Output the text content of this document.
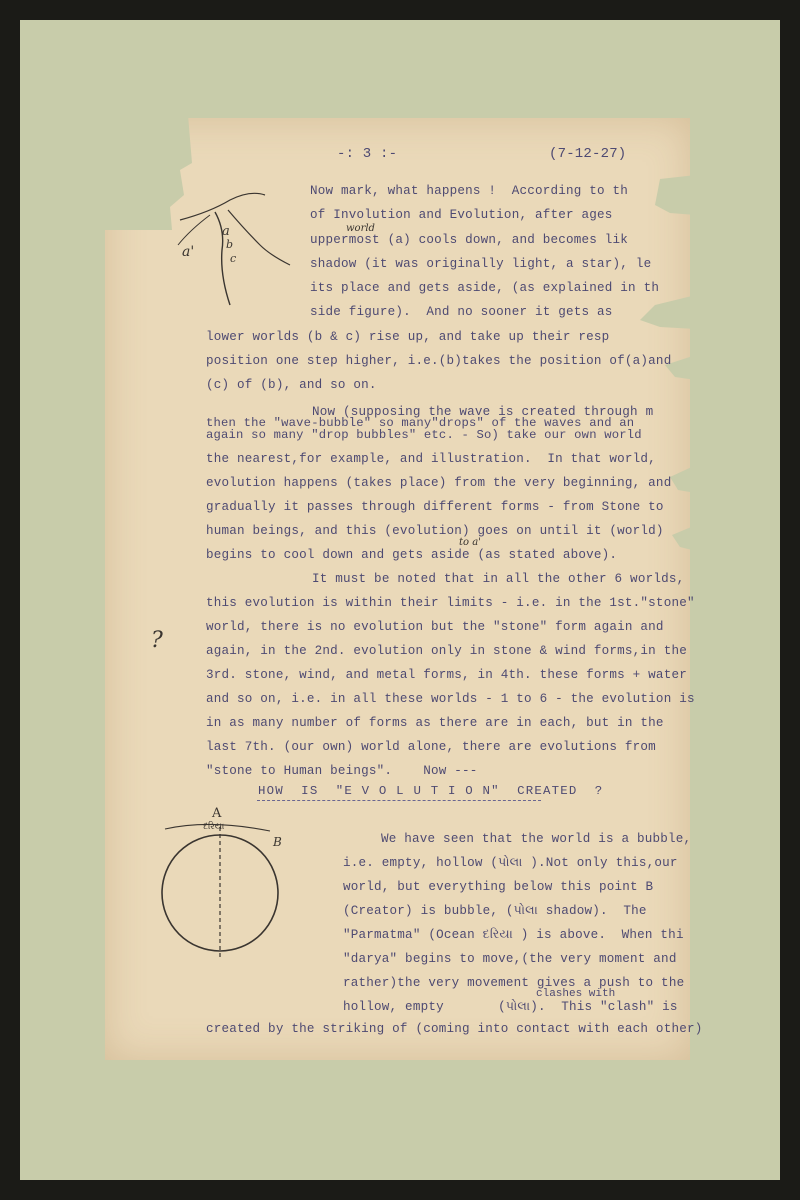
-: 3 :-	(7-12-27)
Now mark, what happens !  According to th
of Involution and Evolution, after ages
uppermost (a) cools down, and becomes lik
shadow (it was originally light, a star), le
its place and gets aside, (as explained in th
side figure).  And no sooner it gets as
lower worlds (b & c) rise up, and take up their resp
position one step higher, i.e.(b)takes the position of(a)and
(c) of (b), and so on.
Now (supposing the wave is created through m
then the "wave-bubble" so many"drops" of the waves and an
again so many "drop bubbles" etc. - So) take our own world
the nearest,for example, and illustration.  In that world,
evolution happens (takes place) from the very beginning, and
gradually it passes through different forms - from Stone to
human beings, and this (evolution) goes on until it (world)
begins to cool down and gets aside (as stated above).
It must be noted that in all the other 6 worlds,
this evolution is within their limits - i.e. in the 1st."stone"
world, there is no evolution but the "stone" form again and
again, in the 2nd. evolution only in stone & wind forms,in the
3rd. stone, wind, and metal forms, in 4th. these forms + water
and so on, i.e. in all these worlds - 1 to 6 - the evolution is
in as many number of forms as there are in each, but in the
last 7th. (our own) world alone, there are evolutions from
"stone to Human beings".    Now ---
HOW  IS  "E V O L U T I O N"  CREATED  ?
We have seen that the world is a bubble,
i.e. empty, hollow (પોલા ).Not only this,our
world, but everything below this point B
(Creator) is bubble, (પોલા shadow).  The
"Parmatma" (Ocean દરિયા ) is above.  When thi
"darya" begins to move,(the very moment and
rather)the very movement gives a push to the
hollow, empty       (પોલા).  This "clash" is
created by the striking of (coming into contact with each other)
world
to a'
clashes with
?
a
b
c
a'
A
B
દરિયા
